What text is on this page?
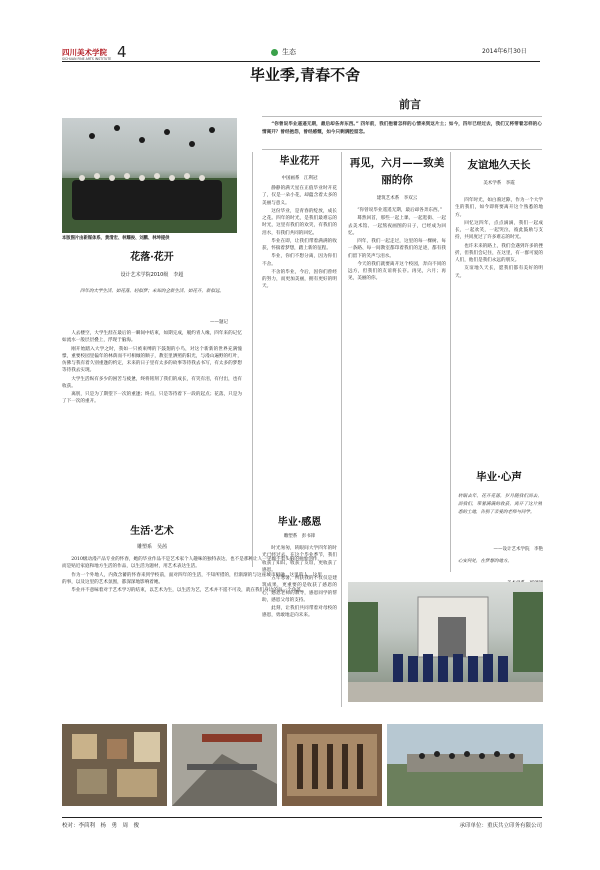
四川美术学院
SICHUAN FINE ARTS INSTITUTE 4	生态	2014年6月30日
毕业季,青春不舍
本版图片由新媒体系、黄清宏、林耀俊、刘鹏、林坤提供
前言
“你曾说毕业遥遥无期，最后却各奔东西。” 四年前，我们抱着怎样的心情来到这片土；如今，四年已经过去，我们又将带着怎样的心情离开？曾经抱怨，曾经感慨，如今只剩满腔留恋。
花落·花开
设计艺术学院2010级　李超
四年的大学生活，如花落，轻似梦；未知的全新生活，如花开，新似远。
——题记

人去楼空，大学生涯在最后的一瞬间中结束，如期完成，履约青人缘，四年来的记忆如流水一般层层叠上，浮现于脑海。

刚开始踏入大学之时，我如一只被束缚的下鼓翅的小鸟，对这个新新的世界充满憧憬，重要校园里偏年的林荫而不可相倾的顺子，教室里洒照的阳光，与漫山遍野的红叶，仿佛与我有着久别重逢的约定，未来的日子里有太多的故事等待我去书写，有太多的梦想等待我去实现。

大学生活纵有多少的困苦与疲惫，终将铭刻了我们的成长，有笑有泪，有付出，也有收获。

离别，只是为了期望下一次的重逢；终点，只是等待着下一段的起点；花落，只是为了下一次的重开。

生活·艺术
雕塑系　吴茜

2010级动漫产品专业的怀春，她的毕业作品不是艺术家个人趣味的独特表达，也不是那种让人一见倾不着头脑的抽象创作，而是贴近家庭和地方生活的作品，以生活为题材，用艺术表达生活。

作为一个外地人，内敛含蓄的怀春来到学校前，面对四年的生活，不知所措的，但渐渐的与这座城市相融，这里的人，这里的事，以及这里的艺术氛围，都深深地影响着她。

毕业并不意味着对于艺术学习的结束，以艺术为生，以生活为艺，艺术并不遥不可及，就在我们身边的每一个角落。

毕业花开
中国画系　江利冠

静静的满天星在正值毕业时开花了，仅是一朵小花，却蕴含着太多的美丽与意义。

这份毕业，是青春的绽放，成长之花。四年的时光，是我们最难忘的时光，这里有我们的欢笑，有我们的泪水，有我们共同的回忆。

毕业在即，让我们带着满满的收获，怀揣着梦想，踏上新的征程。

毕业，你们不想分离，因为你们不舍。

不舍的毕业，今后，因你们曾经的努力，而更加美丽，拥有更好的明天。

毕业·感恩
雕塑系　彭书锋

时光匆匆，转眼间大学四年的时光已经过去。在这个毕业季节，我们收获了知识，收获了友谊，更收获了感恩。

五年寒暑，所获我的不仅仅是建筑成果，更重要的是收获了感恩的心，感恩老师的教导，感恩同学的帮助，感恩父母的支持。

此刻，让我们共同带着对母校的感恩，勇敢地走向未来。

再见，六月——致美丽的你
建筑艺术系　李双云

“你曾说毕业遥遥无期，最后却各奔东西。”

蓦然回首，那些一起上课、一起逛街、一起去美术馆、一起熬夜画图的日子，已经成为回忆。

四年，我们一起走过，这里的每一棵树、每一条路、每一间教室都印着我们的足迹，都有我们留下的笑声与泪水。

今天的我们就要离开这个校园，奔向不同的远方，但我们的友谊将长存。再见，六月；再见，美丽的你。

友谊地久天长
美术学系　李霞

四年时光，如白驹过隙，作为一个大学生的我们，如今即将要离开这个熟悉的地方。

回忆这四年，点点滴滴，我们一起成长，一起欢笑，一起哭泣，彼此鼓励与支持，共同度过了许多难忘的时光。

也许未来的路上，我们会遇到许多的挫折，但我们会记住，在这里，有一群可爱的人们，他们是我们永远的朋友。

友谊地久天长，愿我们都有美好的明天。

毕业·心声
转眼去年，花开花落，岁月随我们而去，而我们，带着满满的收获，离开了这片熟悉的土地，告别了亲爱的老师与同学。
——设计艺术学院　李艳
心安何处，在梦想的地方。
校对：李茴利　杨　勇　周　俊	承印单位：重庆共立印务有限公司
